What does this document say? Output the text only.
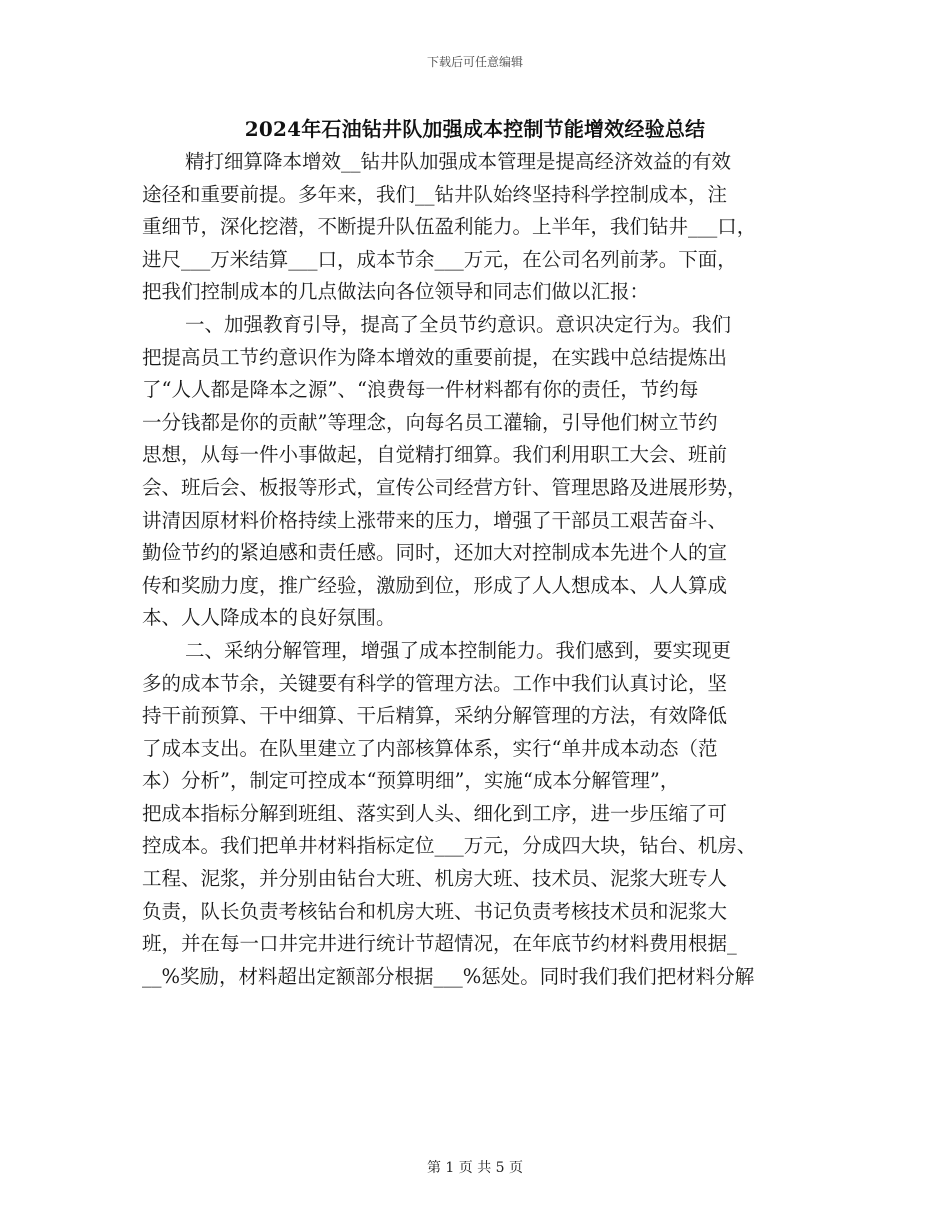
下载后可任意编辑
2024年石油钻井队加强成本控制节能增效经验总结
精打细算降本增效__钻井队加强成本管理是提高经济效益的有效
途径和重要前提。多年来，我们__钻井队始终坚持科学控制成本，注
重细节，深化挖潜，不断提升队伍盈利能力。上半年，我们钻井___口，
进尺___万米结算___口，成本节余___万元，在公司名列前茅。下面，
把我们控制成本的几点做法向各位领导和同志们做以汇报：
一、加强教育引导，提高了全员节约意识。意识决定行为。我们
把提高员工节约意识作为降本增效的重要前提，在实践中总结提炼出
了“人人都是降本之源”、“浪费每一件材料都有你的责任，节约每
一分钱都是你的贡献”等理念，向每名员工灌输，引导他们树立节约
思想，从每一件小事做起，自觉精打细算。我们利用职工大会、班前
会、班后会、板报等形式，宣传公司经营方针、管理思路及进展形势，
讲清因原材料价格持续上涨带来的压力，增强了干部员工艰苦奋斗、
勤俭节约的紧迫感和责任感。同时，还加大对控制成本先进个人的宣
传和奖励力度，推广经验，激励到位，形成了人人想成本、人人算成
本、人人降成本的良好氛围。
二、采纳分解管理，增强了成本控制能力。我们感到，要实现更
多的成本节余，关键要有科学的管理方法。工作中我们认真讨论，坚
持干前预算、干中细算、干后精算，采纳分解管理的方法，有效降低
了成本支出。在队里建立了内部核算体系，实行“单井成本动态（范
本）分析”，制定可控成本“预算明细”，实施“成本分解管理”，
把成本指标分解到班组、落实到人头、细化到工序，进一步压缩了可
控成本。我们把单井材料指标定位___万元，分成四大块，钻台、机房、
工程、泥浆，并分别由钻台大班、机房大班、技术员、泥浆大班专人
负责，队长负责考核钻台和机房大班、书记负责考核技术员和泥浆大
班，并在每一口井完井进行统计节超情况，在年底节约材料费用根据_
__%奖励，材料超出定额部分根据___%惩处。同时我们我们把材料分解
第 1 页 共 5 页
